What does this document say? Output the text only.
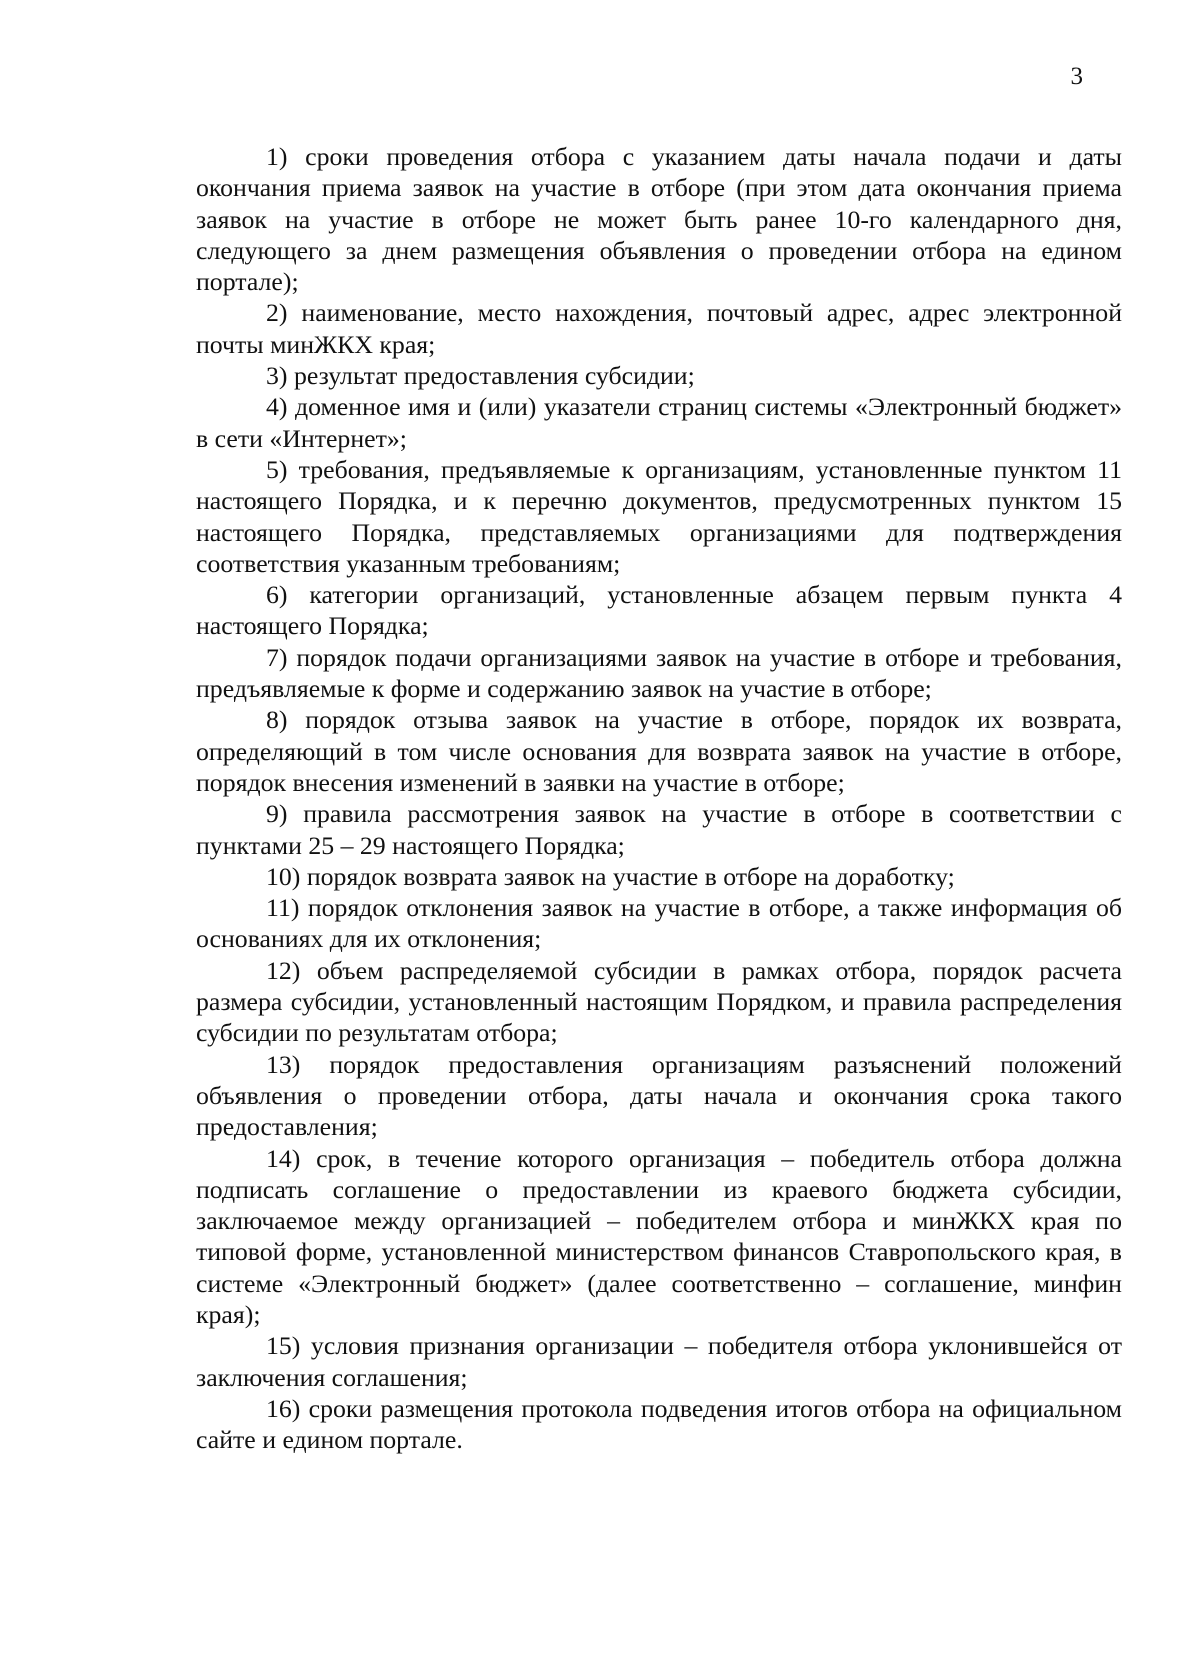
3

1) сроки проведения отбора с указанием даты начала подачи и даты окончания приема заявок на участие в отборе (при этом дата окончания приема заявок на участие в отборе не может быть ранее 10-го календарного дня, следующего за днем размещения объявления о проведении отбора на едином портале);

2) наименование, место нахождения, почтовый адрес, адрес электронной почты минЖКХ края;

3) результат предоставления субсидии;

4) доменное имя и (или) указатели страниц системы «Электронный бюджет» в сети «Интернет»;

5) требования, предъявляемые к организациям, установленные пунктом 11 настоящего Порядка, и к перечню документов, предусмотренных пунктом 15 настоящего Порядка, представляемых организациями для подтверждения соответствия указанным требованиям;

6) категории организаций, установленные абзацем первым пункта 4 настоящего Порядка;

7) порядок подачи организациями заявок на участие в отборе и требования, предъявляемые к форме и содержанию заявок на участие в отборе;

8) порядок отзыва заявок на участие в отборе, порядок их возврата, определяющий в том числе основания для возврата заявок на участие в отборе, порядок внесения изменений в заявки на участие в отборе;

9) правила рассмотрения заявок на участие в отборе в соответствии с пунктами 25 – 29 настоящего Порядка;

10) порядок возврата заявок на участие в отборе на доработку;

11) порядок отклонения заявок на участие в отборе, а также информация об основаниях для их отклонения;

12) объем распределяемой субсидии в рамках отбора, порядок расчета размера субсидии, установленный настоящим Порядком, и правила распределения субсидии по результатам отбора;

13) порядок предоставления организациям разъяснений положений объявления о проведении отбора, даты начала и окончания срока такого предоставления;

14) срок, в течение которого организация – победитель отбора должна подписать соглашение о предоставлении из краевого бюджета субсидии, заключаемое между организацией – победителем отбора и минЖКХ края по типовой форме, установленной министерством финансов Ставропольского края, в системе «Электронный бюджет» (далее соответственно – соглашение, минфин края);

15) условия признания организации – победителя отбора уклонившейся от заключения соглашения;

16) сроки размещения протокола подведения итогов отбора на официальном сайте и едином портале.
